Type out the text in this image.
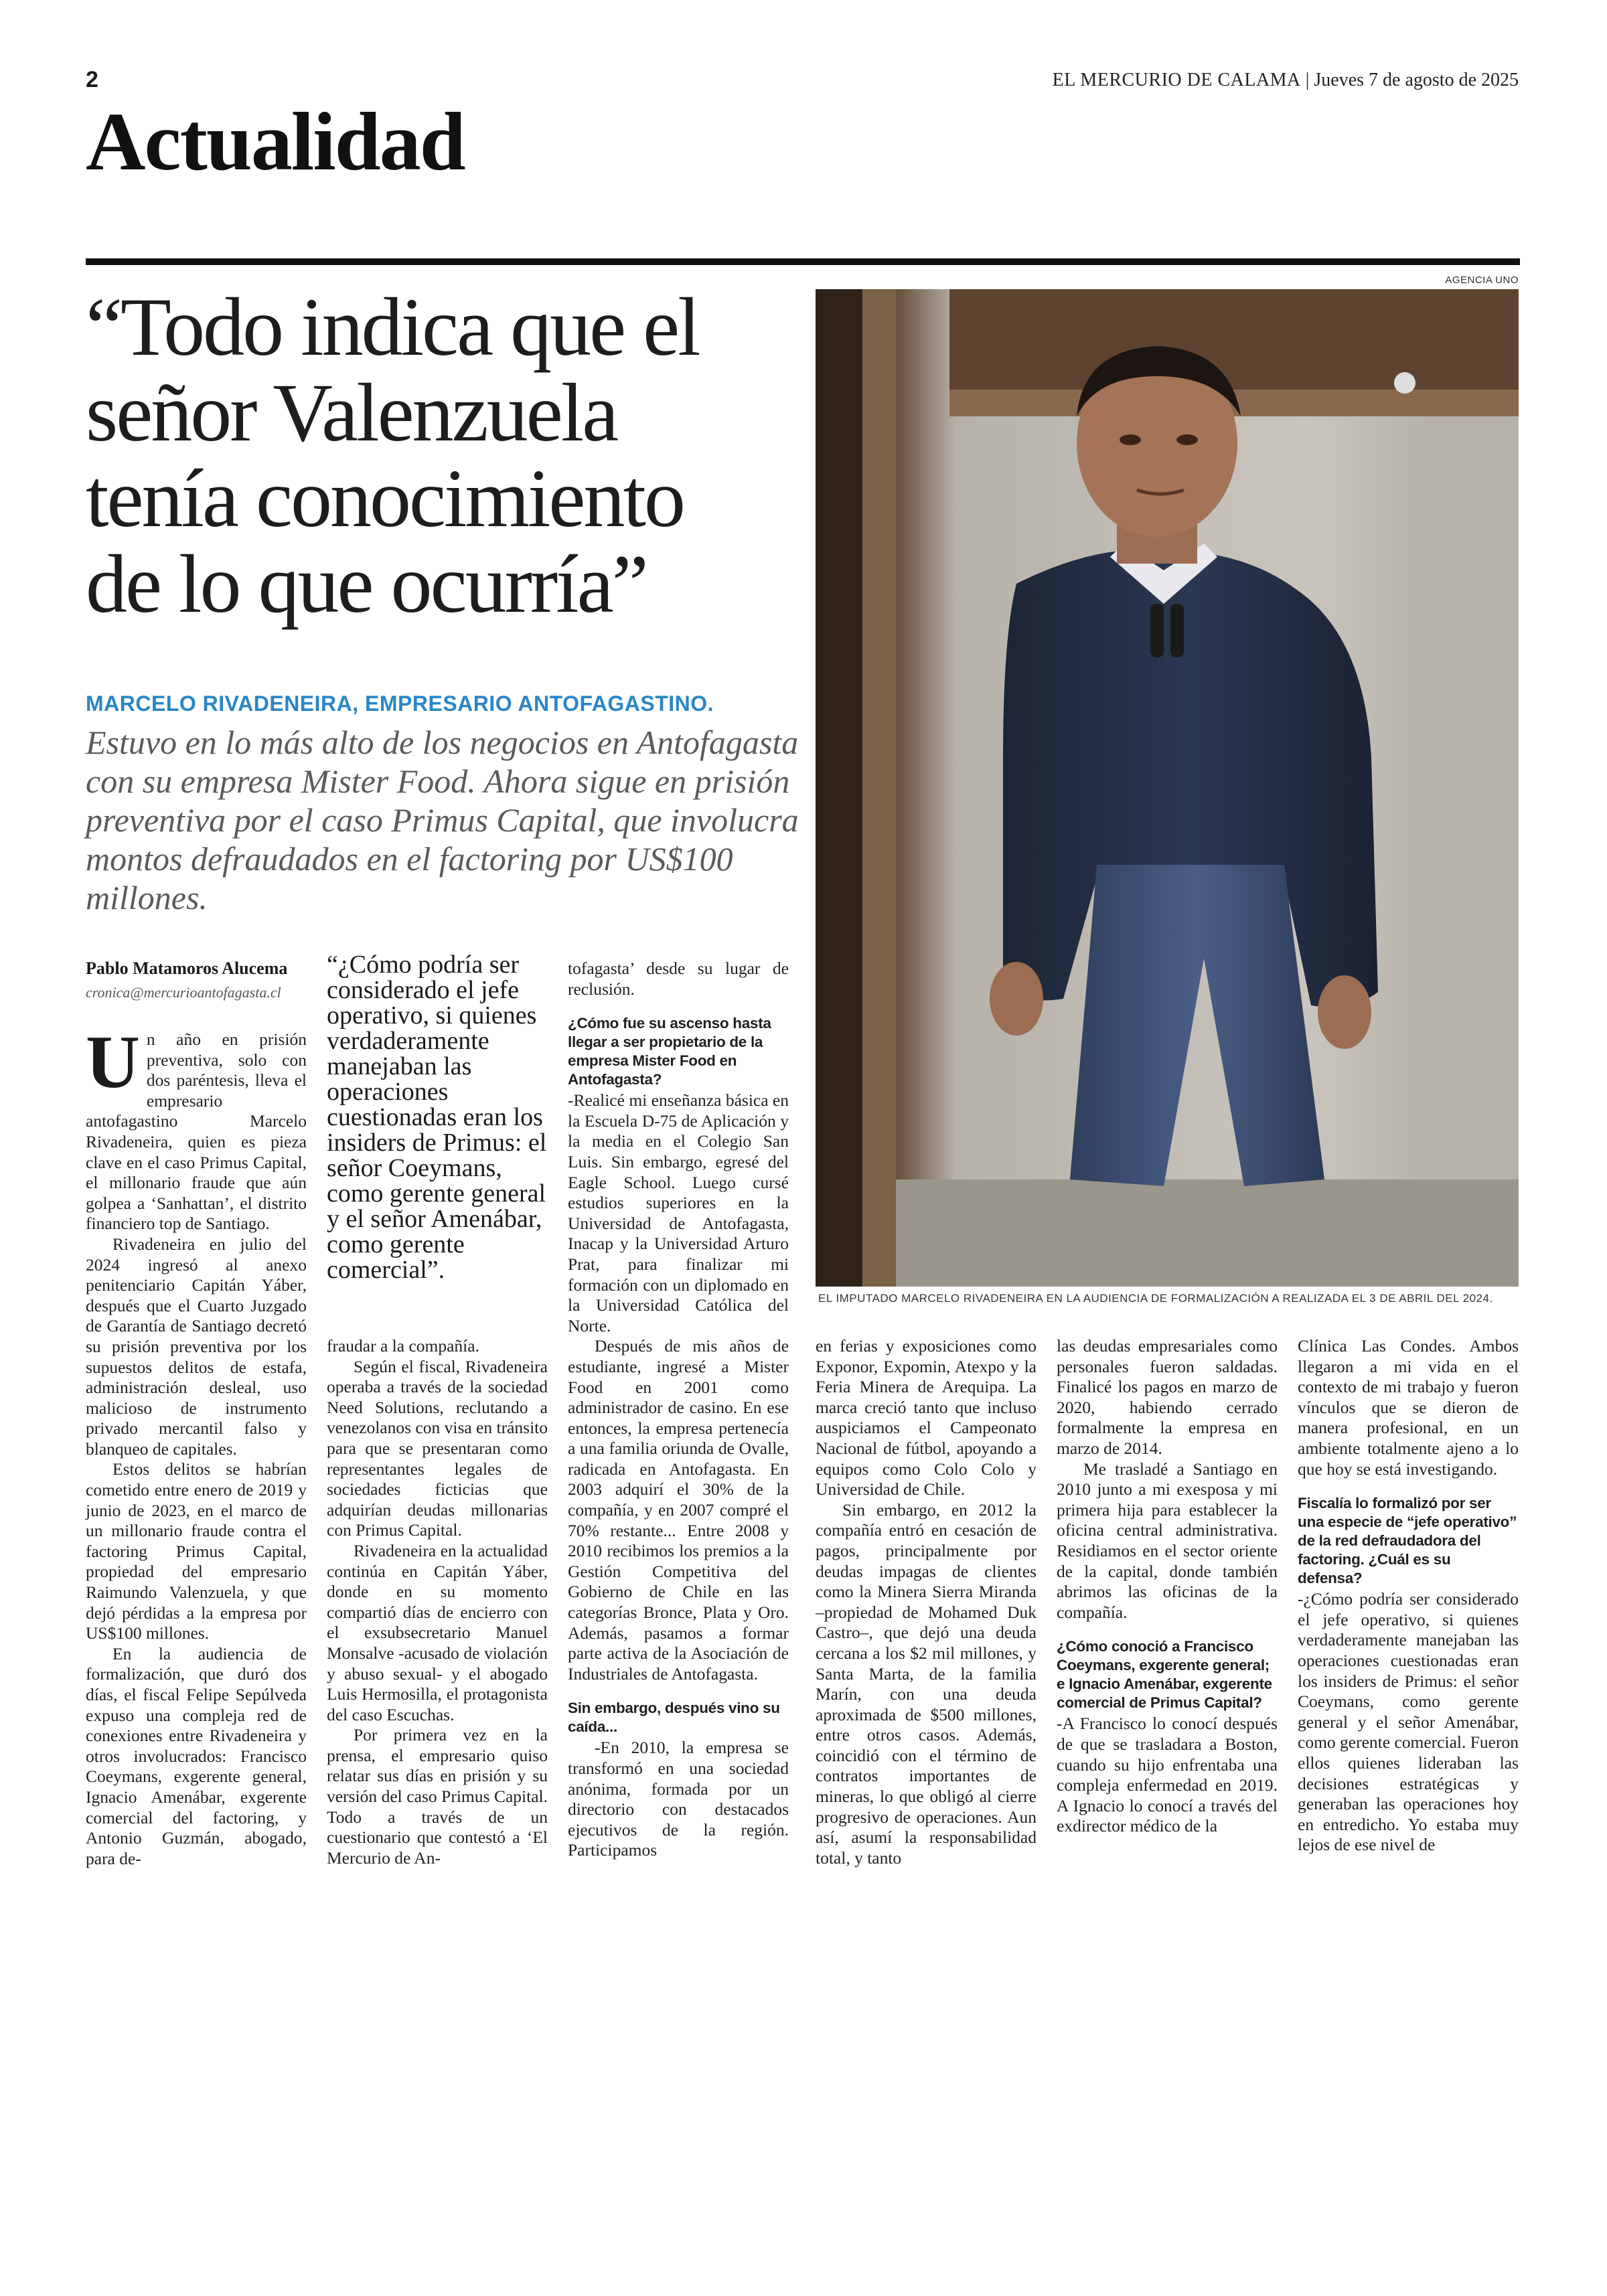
2	EL MERCURIO DE CALAMA | Jueves 7 de agosto de 2025
Actualidad
“Todo indica que el
señor Valenzuela
tenía conocimiento
de lo que ocurría”
MARCELO RIVADENEIRA, EMPRESARIO ANTOFAGASTINO. Estuvo en lo más alto de los negocios en Antofagasta con su empresa Mister Food. Ahora sigue en prisión preventiva por el caso Primus Capital, que involucra montos defraudados en el factoring por US$100 millones.
AGENCIA UNO
EL IMPUTADO MARCELO RIVADENEIRA EN LA AUDIENCIA DE FORMALIZACIÓN A REALIZADA EL 3 DE ABRIL DEL 2024.
Pablo Matamoros Alucema
cronica@mercurioantofagasta.cl
“¿Cómo podría ser considerado el jefe operativo, si quienes verdaderamente manejaban las operaciones cuestionadas eran los insiders de Primus: el señor Coeymans, como gerente general y el señor Amenábar, como gerente comercial”.

Un año en prisión preventiva, solo con dos paréntesis, lleva el empresario antofagastino Marcelo Rivadeneira, quien es pieza clave en el caso Primus Capital, el millonario fraude que aún golpea a ‘Sanhattan’, el distrito financiero top de Santiago.

Rivadeneira en julio del 2024 ingresó al anexo penitenciario Capitán Yáber, después que el Cuarto Juzgado de Garantía de Santiago decretó su prisión preventiva por los supuestos delitos de estafa, administración desleal, uso malicioso de instrumento privado mercantil falso y blanqueo de capitales.

Estos delitos se habrían cometido entre enero de 2019 y junio de 2023, en el marco de un millonario fraude contra el factoring Primus Capital, propiedad del empresario Raimundo Valenzuela, y que dejó pérdidas a la empresa por US$100 millones.

En la audiencia de formalización, que duró dos días, el fiscal Felipe Sepúlveda expuso una compleja red de conexiones entre Rivadeneira y otros involucrados: Francisco Coeymans, exgerente general, Ignacio Amenábar, exgerente comercial del factoring, y Antonio Guzmán, abogado, para de-

fraudar a la compañía.

Según el fiscal, Rivadeneira operaba a través de la sociedad Need Solutions, reclutando a venezolanos con visa en tránsito para que se presentaran como representantes legales de sociedades ficticias que adquirían deudas millonarias con Primus Capital.

Rivadeneira en la actualidad continúa en Capitán Yáber, donde en su momento compartió días de encierro con el exsubsecretario Manuel Monsalve -acusado de violación y abuso sexual- y el abogado Luis Hermosilla, el protagonista del caso Escuchas.

Por primera vez en la prensa, el empresario quiso relatar sus días en prisión y su versión del caso Primus Capital. Todo a través de un cuestionario que contestó a ‘El Mercurio de An-

tofagasta’ desde su lugar de reclusión.

¿Cómo fue su ascenso hasta llegar a ser propietario de la empresa Mister Food en Antofagasta?

-Realicé mi enseñanza básica en la Escuela D-75 de Aplicación y la media en el Colegio San Luis. Sin embargo, egresé del Eagle School. Luego cursé estudios superiores en la Universidad de Antofagasta, Inacap y la Universidad Arturo Prat, para finalizar mi formación con un diplomado en la Universidad Católica del Norte.

Después de mis años de estudiante, ingresé a Mister Food en 2001 como administrador de casino. En ese entonces, la empresa pertenecía a una familia oriunda de Ovalle, radicada en Antofagasta. En 2003 adquirí el 30% de la compañía, y en 2007 compré el 70% restante... Entre 2008 y 2010 recibimos los premios a la Gestión Competitiva del Gobierno de Chile en las categorías Bronce, Plata y Oro. Además, pasamos a formar parte activa de la Asociación de Industriales de Antofagasta.

Sin embargo, después vino su caída...

-En 2010, la empresa se transformó en una sociedad anónima, formada por un directorio con destacados ejecutivos de la región. Participamos

en ferias y exposiciones como Exponor, Expomin, Atexpo y la Feria Minera de Arequipa. La marca creció tanto que incluso auspiciamos el Campeonato Nacional de fútbol, apoyando a equipos como Colo Colo y Universidad de Chile.

Sin embargo, en 2012 la compañía entró en cesación de pagos, principalmente por deudas impagas de clientes como la Minera Sierra Miranda –propiedad de Mohamed Duk Castro–, que dejó una deuda cercana a los $2 mil millones, y Santa Marta, de la familia Marín, con una deuda aproximada de $500 millones, entre otros casos. Además, coincidió con el término de contratos importantes de mineras, lo que obligó al cierre progresivo de operaciones. Aun así, asumí la responsabilidad total, y tanto

las deudas empresariales como personales fueron saldadas. Finalicé los pagos en marzo de 2020, habiendo cerrado formalmente la empresa en marzo de 2014.

Me trasladé a Santiago en 2010 junto a mi exesposa y mi primera hija para establecer la oficina central administrativa. Residiamos en el sector oriente de la capital, donde también abrimos las oficinas de la compañía.

¿Cómo conoció a Francisco Coeymans, exgerente general; e Ignacio Amenábar, exgerente comercial de Primus Capital?

-A Francisco lo conocí después de que se trasladara a Boston, cuando su hijo enfrentaba una compleja enfermedad en 2019. A Ignacio lo conocí a través del exdirector médico de la

Clínica Las Condes. Ambos llegaron a mi vida en el contexto de mi trabajo y fueron vínculos que se dieron de manera profesional, en un ambiente totalmente ajeno a lo que hoy se está investigando.

Fiscalía lo formalizó por ser una especie de “jefe operativo” de la red defraudadora del factoring. ¿Cuál es su defensa?

-¿Cómo podría ser considerado el jefe operativo, si quienes verdaderamente manejaban las operaciones cuestionadas eran los insiders de Primus: el señor Coeymans, como gerente general y el señor Amenábar, como gerente comercial. Fueron ellos quienes lideraban las decisiones estratégicas y generaban las operaciones hoy en entredicho. Yo estaba muy lejos de ese nivel de
